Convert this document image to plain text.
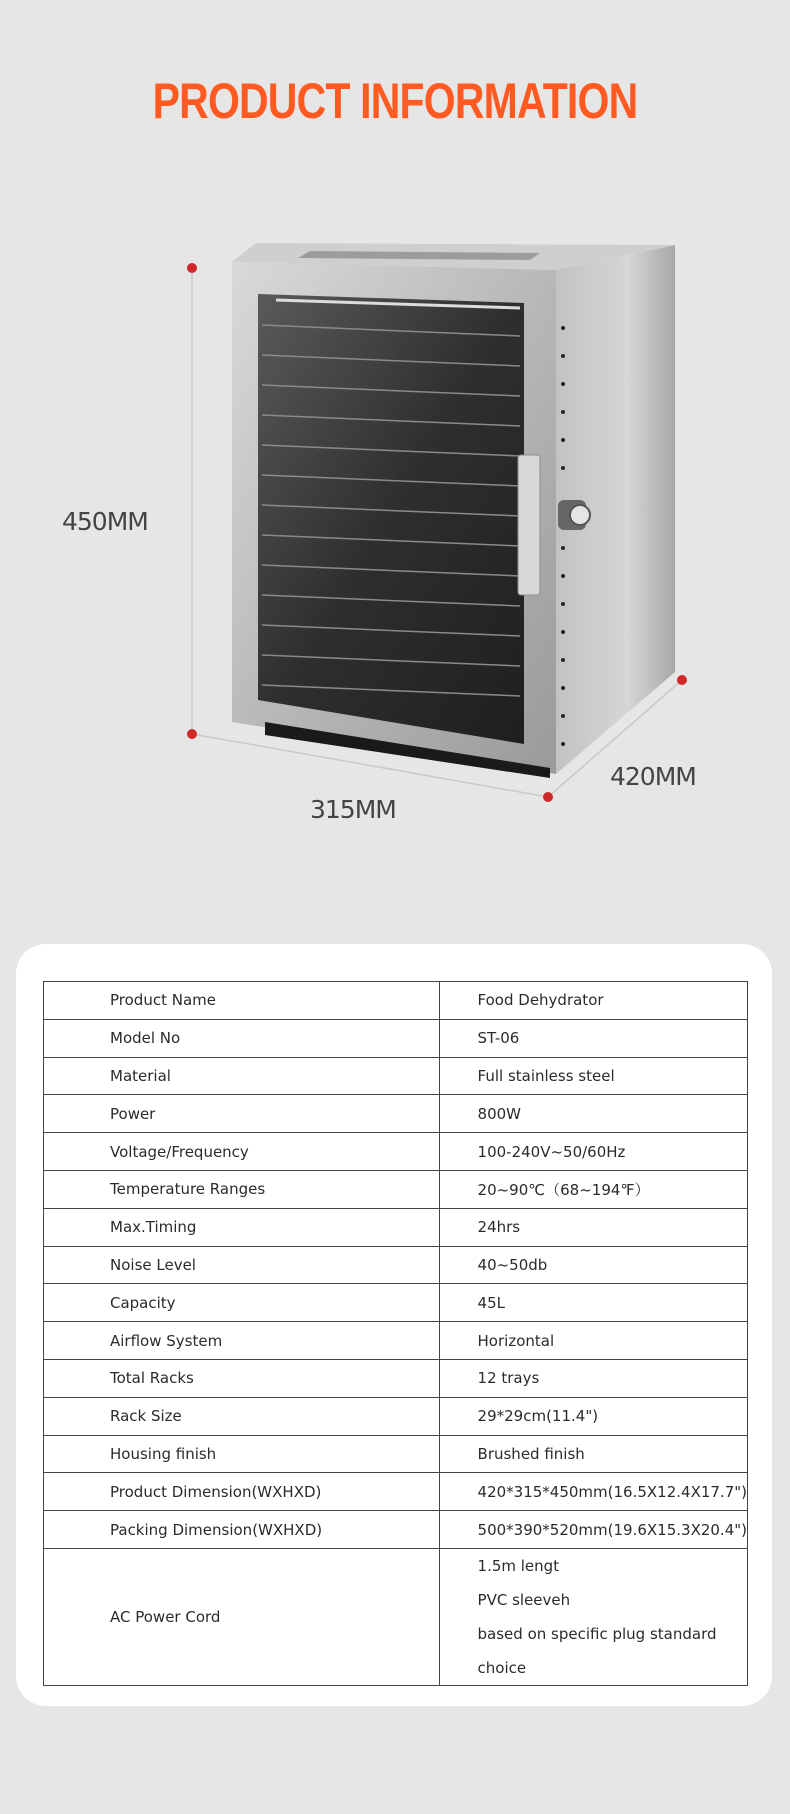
PRODUCT INFORMATION
450MM
315MM
420MM
Product Name	Food Dehydrator
Model No	ST-06
Material	Full stainless steel
Power	800W
Voltage/Frequency	100-240V~50/60Hz
Temperature Ranges	20~90℃（68~194℉）
Max.Timing	24hrs
Noise Level	40~50db
Capacity	45L
Airflow System	Horizontal
Total Racks	12 trays
Rack Size	29*29cm(11.4")
Housing finish	Brushed finish
Product Dimension(WXHXD)	420*315*450mm(16.5X12.4X17.7")
Packing Dimension(WXHXD)	500*390*520mm(19.6X15.3X20.4")
AC Power Cord	1.5m lengt
PVC sleeveh
based on specific plug standard choice
